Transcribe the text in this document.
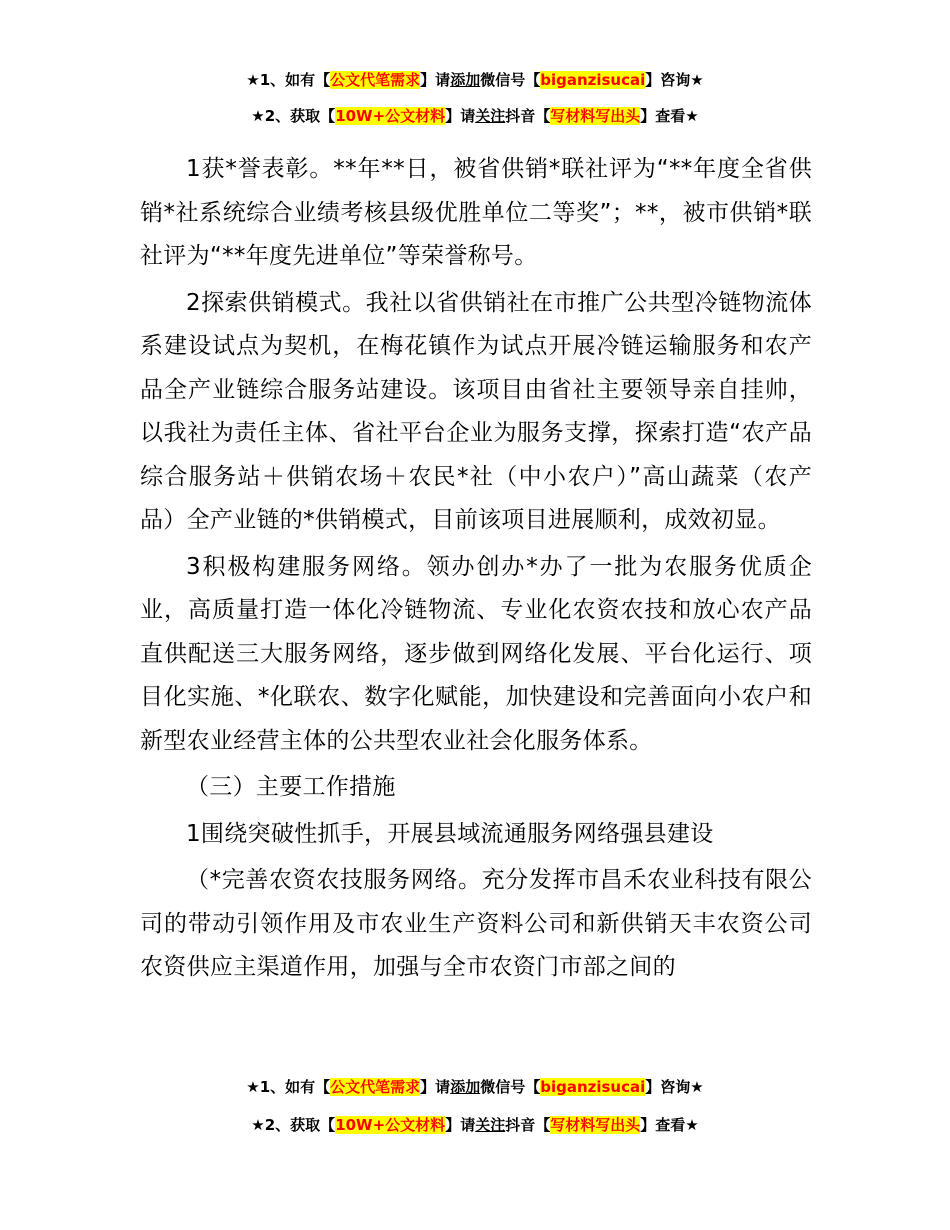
★1、如有【公文代笔需求】请添加微信号【biganzisucai】咨询★
★2、获取【10W+公文材料】请关注抖音【写材料写出头】查看★

1获*誉表彰。**年**日，被省供销*联社评为“**年度全省供销*社系统综合业绩考核县级优胜单位二等奖”；**，被市供销*联社评为“**年度先进单位”等荣誉称号。

2探索供销模式。我社以省供销社在市推广公共型冷链物流体系建设试点为契机，在梅花镇作为试点开展冷链运输服务和农产品全产业链综合服务站建设。该项目由省社主要领导亲自挂帅，以我社为责任主体、省社平台企业为服务支撑，探索打造“农产品综合服务站＋供销农场＋农民*社（中小农户）”高山蔬菜（农产品）全产业链的*供销模式，目前该项目进展顺利，成效初显。

3积极构建服务网络。领办创办*办了一批为农服务优质企业，高质量打造一体化冷链物流、专业化农资农技和放心农产品直供配送三大服务网络，逐步做到网络化发展、平台化运行、项目化实施、*化联农、数字化赋能，加快建设和完善面向小农户和新型农业经营主体的公共型农业社会化服务体系。

（三）主要工作措施

1围绕突破性抓手，开展县域流通服务网络强县建设

（*完善农资农技服务网络。充分发挥市昌禾农业科技有限公司的带动引领作用及市农业生产资料公司和新供销天丰农资公司农资供应主渠道作用，加强与全市农资门市部之间的

★1、如有【公文代笔需求】请添加微信号【biganzisucai】咨询★
★2、获取【10W+公文材料】请关注抖音【写材料写出头】查看★
